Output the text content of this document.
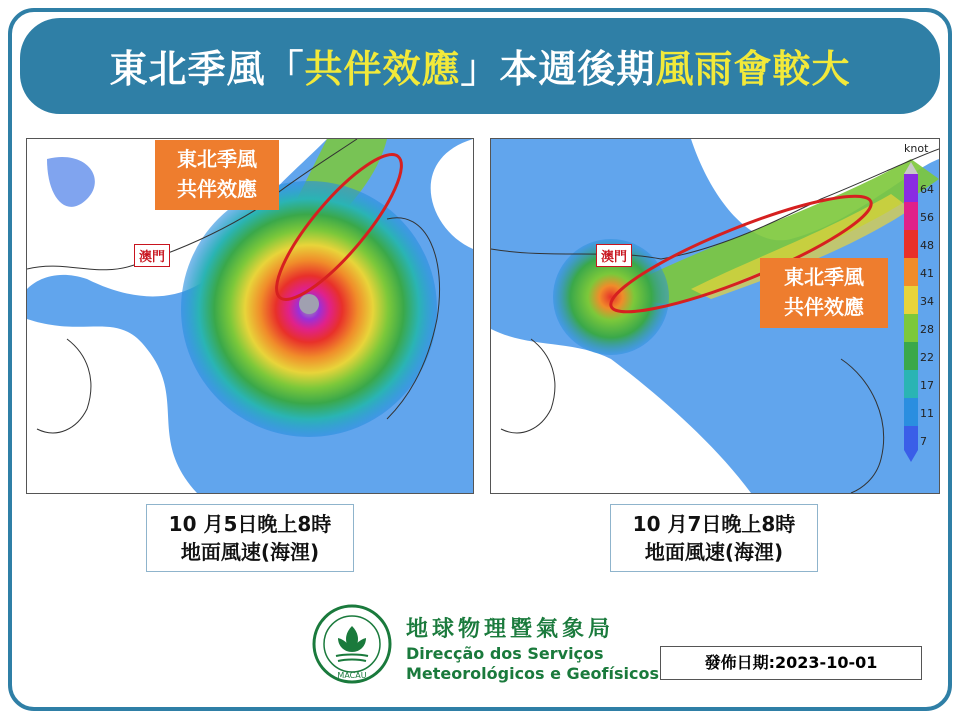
東北季風「共伴效應」本週後期風雨會較大
東北季風
共伴效應
東北季風
共伴效應
澳門	澳門
knot
64
56
48
41
34
28
22
17
11
7
10 月5日晚上8時
地面風速(海浬)
10 月7日晚上8時
地面風速(海浬)
MACAU
地球物理暨氣象局
Direcção dos Serviços
Meteorológicos e Geofísicos
發佈日期:2023-10-01
